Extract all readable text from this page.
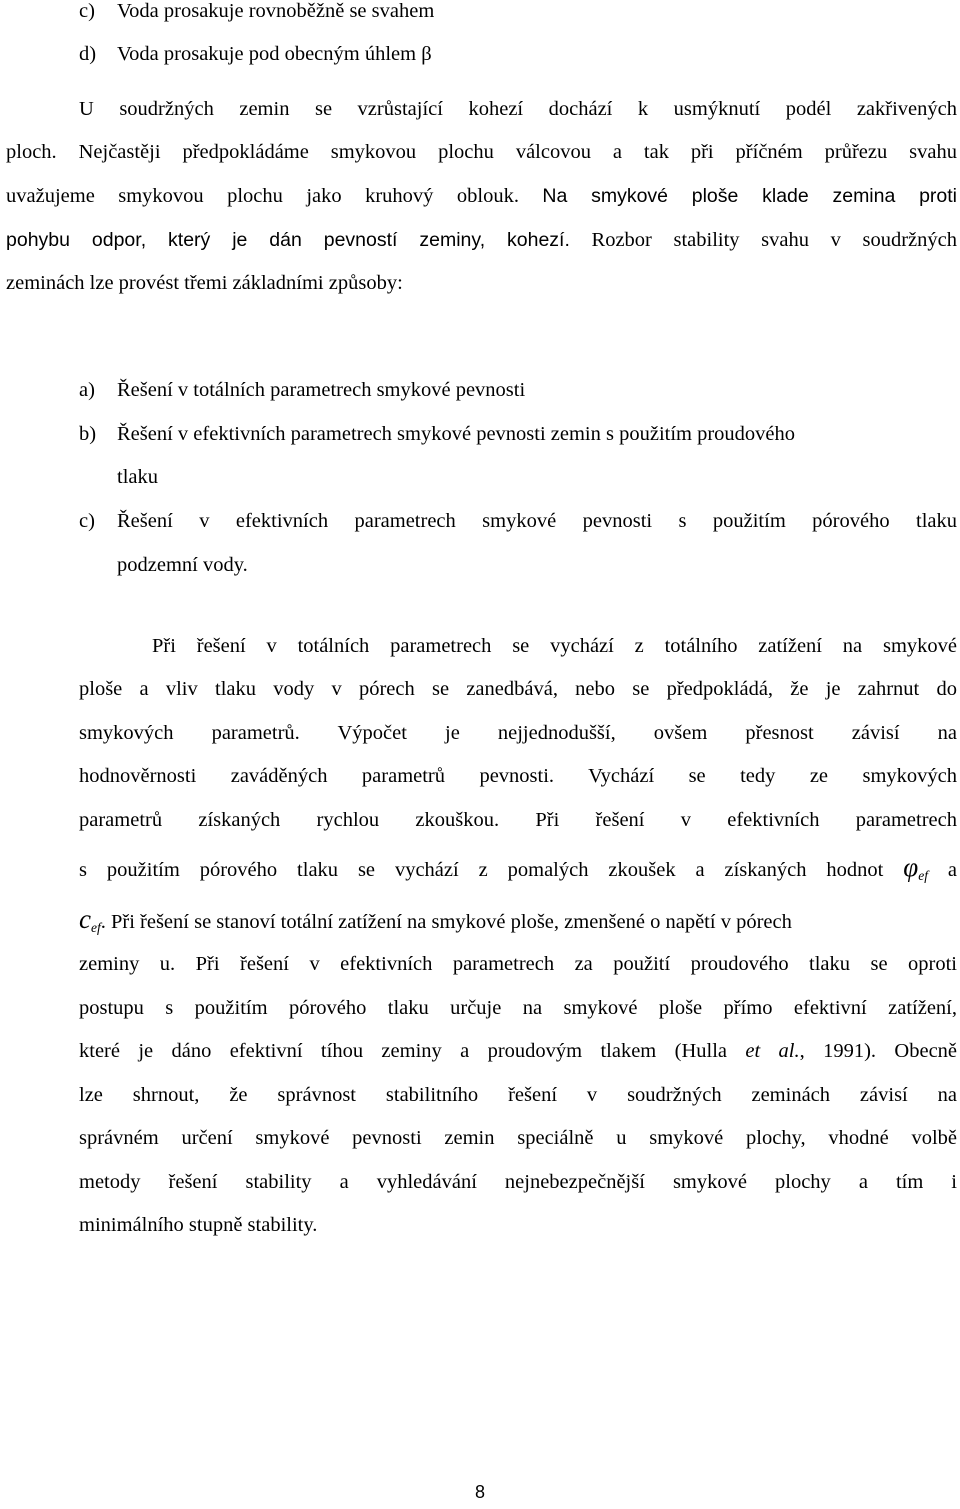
c) Voda prosakuje rovnoběžně se svahem
d) Voda prosakuje pod obecným úhlem β
U soudržných zemin se vzrůstající kohezí dochází k usmýknutí podél zakřivených
ploch. Nejčastěji předpokládáme smykovou plochu válcovou a tak při příčném průřezu svahu
uvažujeme smykovou plochu jako kruhový oblouk. Na smykové ploše klade zemina proti
pohybu odpor, který je dán pevností zeminy, kohezí. Rozbor stability svahu v soudržných
zeminách lze provést třemi základními způsoby:
a) Řešení v totálních parametrech smykové pevnosti
b) Řešení v efektivních parametrech smykové pevnosti zemin s použitím proudového
tlaku
c) Řešení v efektivních parametrech smykové pevnosti s použitím pórového tlaku
podzemní vody.
Při řešení v totálních parametrech se vychází z totálního zatížení na smykové
ploše a vliv tlaku vody v pórech se zanedbává, nebo se předpokládá, že je zahrnut do
smykových parametrů. Výpočet je nejjednodušší, ovšem přesnost závisí na
hodnověrnosti zaváděných parametrů pevnosti. Vychází se tedy ze smykových
parametrů získaných rychlou zkouškou. Při řešení v efektivních parametrech
s použitím pórového tlaku se vychází z pomalých zkoušek a získaných hodnot $\varphi_{ef}$ a
$c_{ef}$. Při řešení se stanoví totální zatížení na smykové ploše, zmenšené o napětí v pórech
zeminy u. Při řešení v efektivních parametrech za použití proudového tlaku se oproti
postupu s použitím pórového tlaku určuje na smykové ploše přímo efektivní zatížení,
které je dáno efektivní tíhou zeminy a proudovým tlakem (Hulla et al., 1991). Obecně
lze shrnout, že správnost stabilitního řešení v soudržných zeminách závisí na
správném určení smykové pevnosti zemin speciálně u smykové plochy, vhodné volbě
metody řešení stability a vyhledávání nejnebezpečnější smykové plochy a tím i
minimálního stupně stability.
8
